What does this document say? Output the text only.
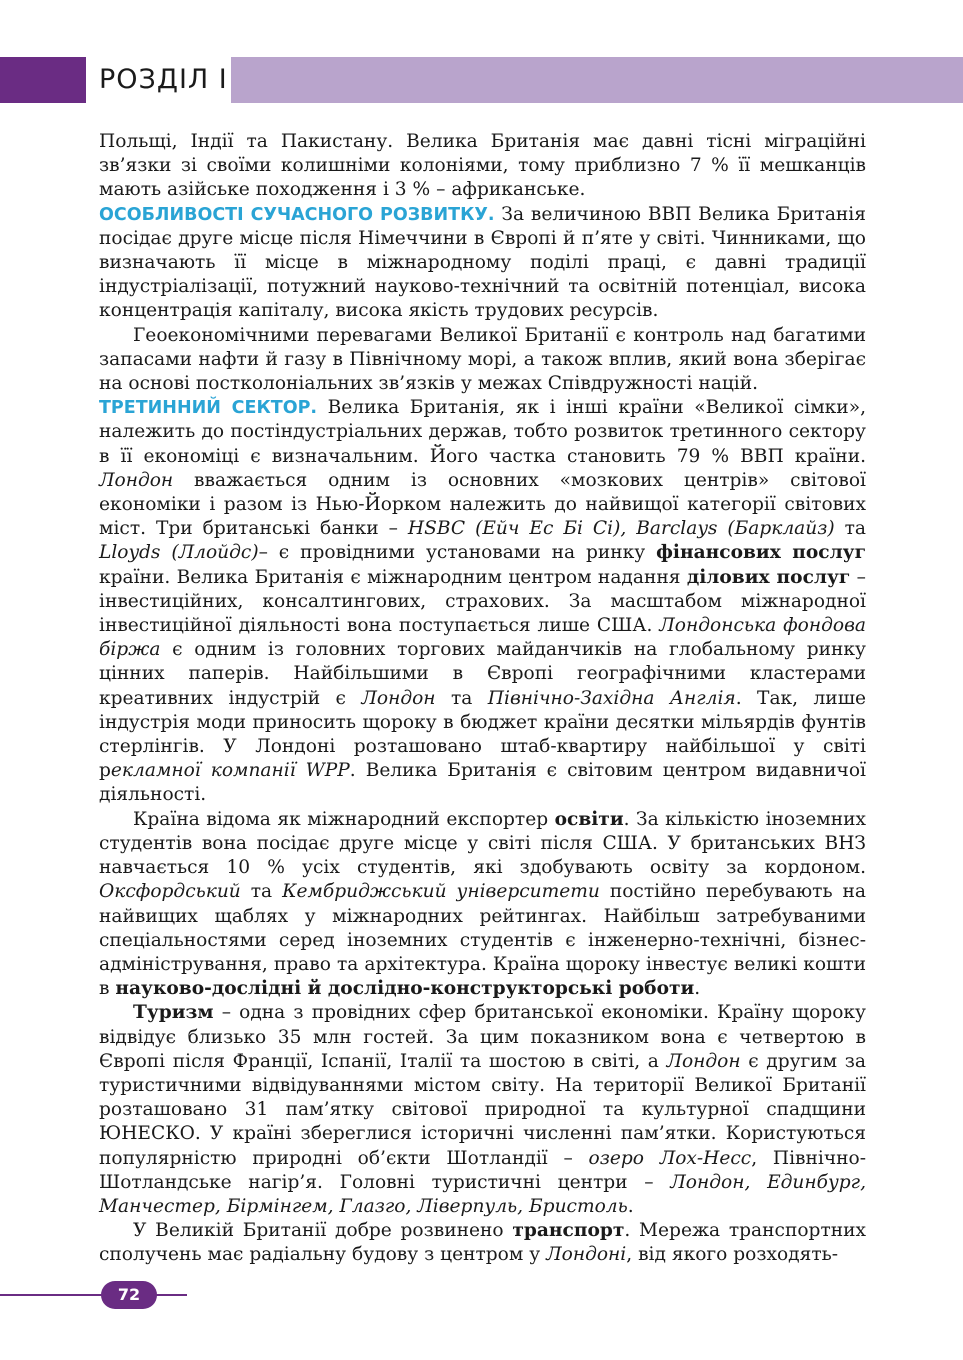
РОЗДІЛ I

Польщі, Індії та Пакистану. Велика Британія має давні тісні міграційні зв’язки зі своїми колишніми колоніями, тому приблизно 7 % її мешканців мають азійське походження і 3 % – африканське.

ОСОБЛИВОСТІ СУЧАСНОГО РОЗВИТКУ. За величиною ВВП Велика Британія посідає друге місце після Німеччини в Європі й п’яте у світі. Чинниками, що визначають її місце в міжнародному поділі праці, є давні традиції індустріалізації, потужний науково-технічний та освітній потенціал, висока концентрація капіталу, висока якість трудових ресурсів.

Геоекономічними перевагами Великої Британії є контроль над багатими запасами нафти й газу в Північному морі, а також вплив, який вона зберігає на основі постколоніальних зв’язків у межах Співдружності націй.

ТРЕТИННИЙ СЕКТОР. Велика Британія, як і інші країни «Великої сімки», належить до постіндустріальних держав, тобто розвиток третинного сектору в її економіці є визначальним. Його частка становить 79 % ВВП країни. Лондон вважається одним із основних «мозкових центрів» світової економіки і разом із Нью-Йорком належить до найвищої категорії світових міст. Три британські банки – HSBC (Ейч Ес Бі Сі), Barclays (Барклайз) та Lloyds (Ллойдс)– є провідними установами на ринку фінансових послуг країни. Велика Британія є міжнародним центром надання ділових послуг – інвестиційних, консалтингових, страхових. За масштабом міжнародної інвестиційної діяльності вона поступається лише США. Лондонська фондова біржа є одним із головних торгових майданчиків на глобальному ринку цінних паперів. Найбільшими в Європі географічними кластерами креативних індустрій є Лондон та Північно-Західна Англія. Так, лише індустрія моди приносить щороку в бюджет країни десятки мільярдів фунтів стерлінгів. У Лондоні розташовано штаб-квартиру найбільшої у світі рекламної компанії WPP. Велика Британія є світовим центром видавничої діяльності.

Країна відома як міжнародний експортер освіти. За кількістю іноземних студентів вона посідає друге місце у світі після США. У британських ВНЗ навчається 10 % усіх студентів, які здобувають освіту за кордоном. Оксфордський та Кембриджський університети постійно перебувають на найвищих щаблях у міжнародних рейтингах. Найбільш затребуваними спеціальностями серед іноземних студентів є інженерно-технічні, бізнес-адміністрування, право та архітектура. Країна щороку інвестує великі кошти в науково-дослідні й дослідно-конструкторські роботи.

Туризм – одна з провідних сфер британської економіки. Країну щороку відвідує близько 35 млн гостей. За цим показником вона є четвертою в Європі після Франції, Іспанії, Італії та шостою в світі, а Лондон є другим за туристичними відвідуваннями містом світу. На території Великої Британії розташовано 31 пам’ятку світової природної та культурної спадщини ЮНЕСКО. У країні збереглися історичні численні пам’ятки. Користуються популярністю природні об’єкти Шотландії – озеро Лох-Несс, Північно-Шотландське нагір’я. Головні туристичні центри – Лондон, Единбург, Манчестер, Бірмінгем, Глазго, Ліверпуль, Бристоль.

У Великій Британії добре розвинено транспорт. Мережа транспортних сполучень має радіальну будову з центром у Лондоні, від якого розходять-

72
